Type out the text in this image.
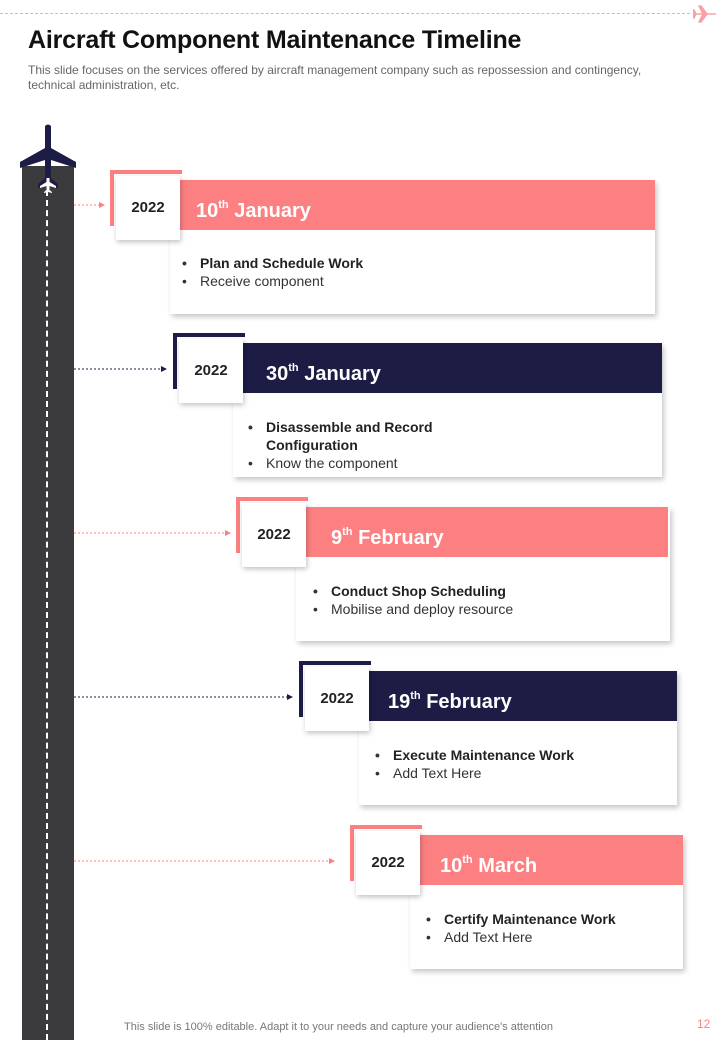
Aircraft Component Maintenance Timeline
This slide focuses on the services offered by aircraft management company such as repossession and contingency, technical administration, etc.
10th January
2022
• Plan and Schedule Work
• Receive component
30th January
2022
• Disassemble and Record Configuration
• Know the component
9th February
2022
• Conduct Shop Scheduling
• Mobilise and deploy resource
19th February
2022
• Execute Maintenance Work
• Add Text Here
10th March
2022
• Certify Maintenance Work
• Add Text Here
This slide is 100% editable. Adapt it to your needs and capture your audience's attention	12
